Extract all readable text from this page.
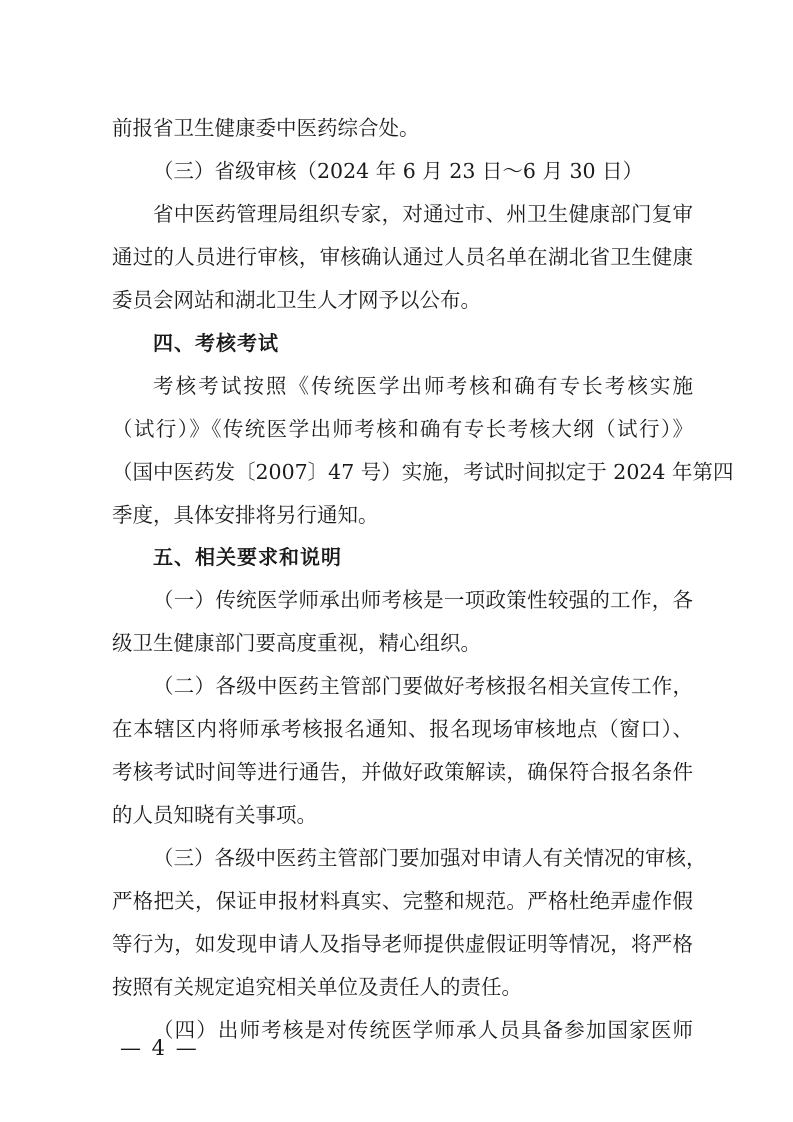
前报省卫生健康委中医药综合处。
（三）省级审核（2024 年 6 月 23 日～6 月 30 日）
省中医药管理局组织专家，对通过市、州卫生健康部门复审
通过的人员进行审核，审核确认通过人员名单在湖北省卫生健康
委员会网站和湖北卫生人才网予以公布。
四、考核考试
考核考试按照《传统医学出师考核和确有专长考核实施
（试行）》《传统医学出师考核和确有专长考核大纲（试行）》
（国中医药发〔2007〕47 号）实施，考试时间拟定于 2024 年第四
季度，具体安排将另行通知。
五、相关要求和说明
（一）传统医学师承出师考核是一项政策性较强的工作，各
级卫生健康部门要高度重视，精心组织。
（二）各级中医药主管部门要做好考核报名相关宣传工作，
在本辖区内将师承考核报名通知、报名现场审核地点（窗口）、
考核考试时间等进行通告，并做好政策解读，确保符合报名条件
的人员知晓有关事项。
（三）各级中医药主管部门要加强对申请人有关情况的审核，
严格把关，保证申报材料真实、完整和规范。严格杜绝弄虚作假
等行为，如发现申请人及指导老师提供虚假证明等情况，将严格
按照有关规定追究相关单位及责任人的责任。
（四）出师考核是对传统医学师承人员具备参加国家医师
— 4 —
